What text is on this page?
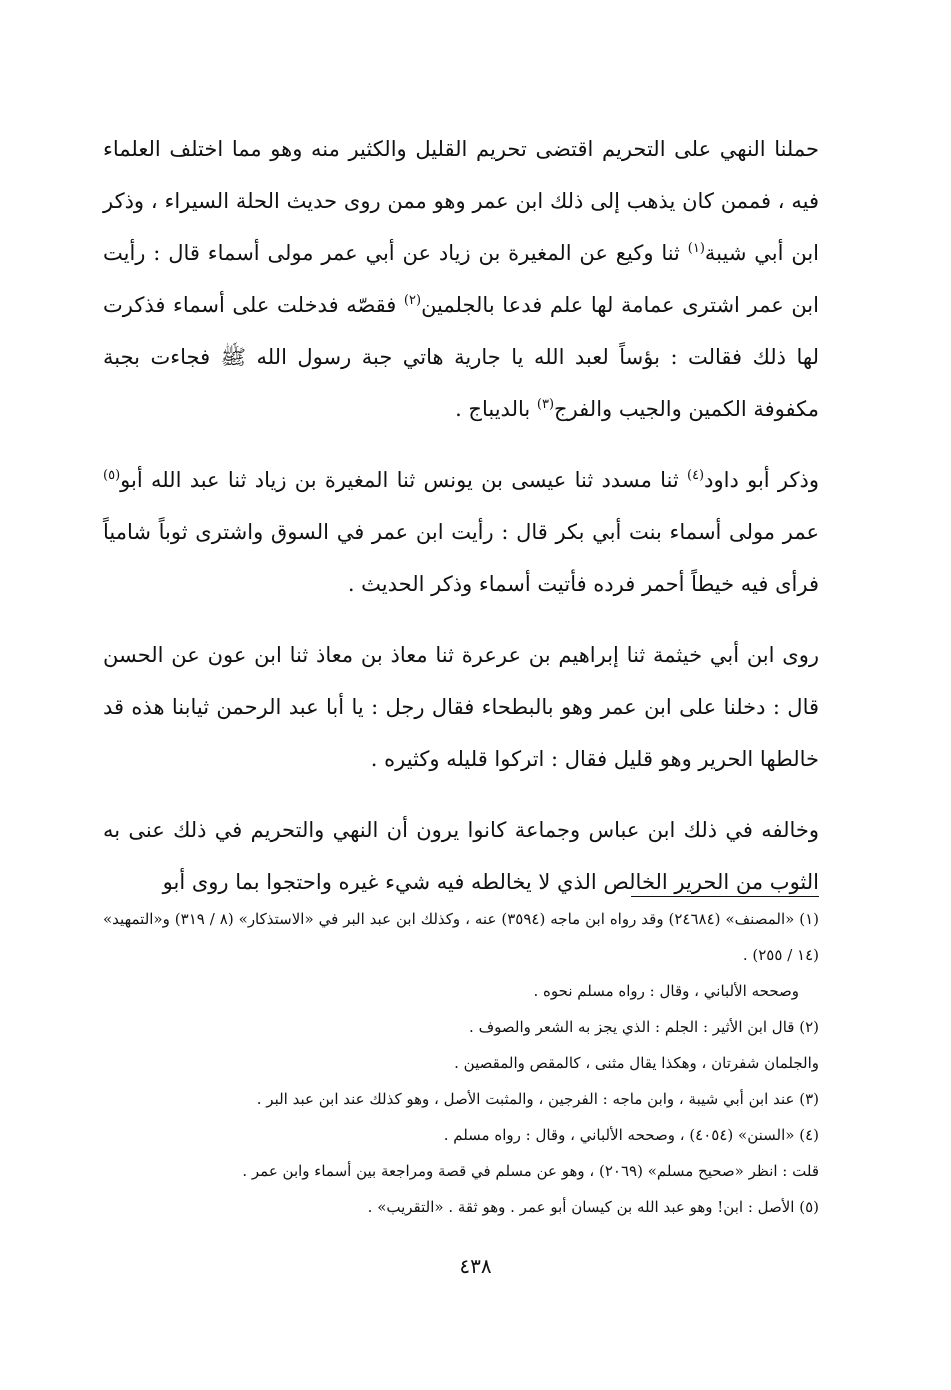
حملنا النهي على التحريم اقتضى تحريم القليل والكثير منه وهو مما اختلف العلماء فيه ، فممن كان يذهب إلى ذلك ابن عمر وهو ممن روى حديث الحلة السيراء ، وذكر ابن أبي شيبة$^{(١)}$ ثنا وكيع عن المغيرة بن زياد عن أبي عمر مولى أسماء قال : رأيت ابن عمر اشترى عمامة لها علم فدعا بالجلمين$^{(٢)}$ فقصّه فدخلت على أسماء فذكرت لها ذلك فقالت : بؤساً لعبد الله يا جارية هاتي جبة رسول الله ﷺ فجاءت بجبة مكفوفة الكمين والجيب والفرج$^{(٣)}$ بالديباج .

وذكر أبو داود$^{(٤)}$ ثنا مسدد ثنا عيسى بن يونس ثنا المغيرة بن زياد ثنا عبد الله أبو$^{(٥)}$ عمر مولى أسماء بنت أبي بكر قال : رأيت ابن عمر في السوق واشترى ثوباً شامياً فرأى فيه خيطاً أحمر فرده فأتيت أسماء وذكر الحديث .

روى ابن أبي خيثمة ثنا إبراهيم بن عرعرة ثنا معاذ بن معاذ ثنا ابن عون عن الحسن قال : دخلنا على ابن عمر وهو بالبطحاء فقال رجل : يا أبا عبد الرحمن ثيابنا هذه قد خالطها الحرير وهو قليل فقال : اتركوا قليله وكثيره .

وخالفه في ذلك ابن عباس وجماعة كانوا يرون أن النهي والتحريم في ذلك عنى به الثوب من الحرير الخالص الذي لا يخالطه فيه شيء غيره واحتجوا بما روى أبو

(١) «المصنف» (٢٤٦٨٤) وقد رواه ابن ماجه (٣٥٩٤) عنه ، وكذلك ابن عبد البر في «الاستذكار» (٨ / ٣١٩) و«التمهيد» (١٤ / ٢٥٥) .

وصححه الألباني ، وقال : رواه مسلم نحوه .

(٢) قال ابن الأثير : الجلم : الذي يجز به الشعر والصوف .

والجلمان شفرتان ، وهكذا يقال مثنى ، كالمقص والمقصين .

(٣) عند ابن أبي شيبة ، وابن ماجه : الفرجين ، والمثبت الأصل ، وهو كذلك عند ابن عبد البر .

(٤) «السنن» (٤٠٥٤) ، وصححه الألباني ، وقال : رواه مسلم .

قلت : انظر «صحيح مسلم» (٢٠٦٩) ، وهو عن مسلم في قصة ومراجعة بين أسماء وابن عمر .

(٥) الأصل : ابن! وهو عبد الله بن كيسان أبو عمر . وهو ثقة . «التقريب» .

٤٣٨
